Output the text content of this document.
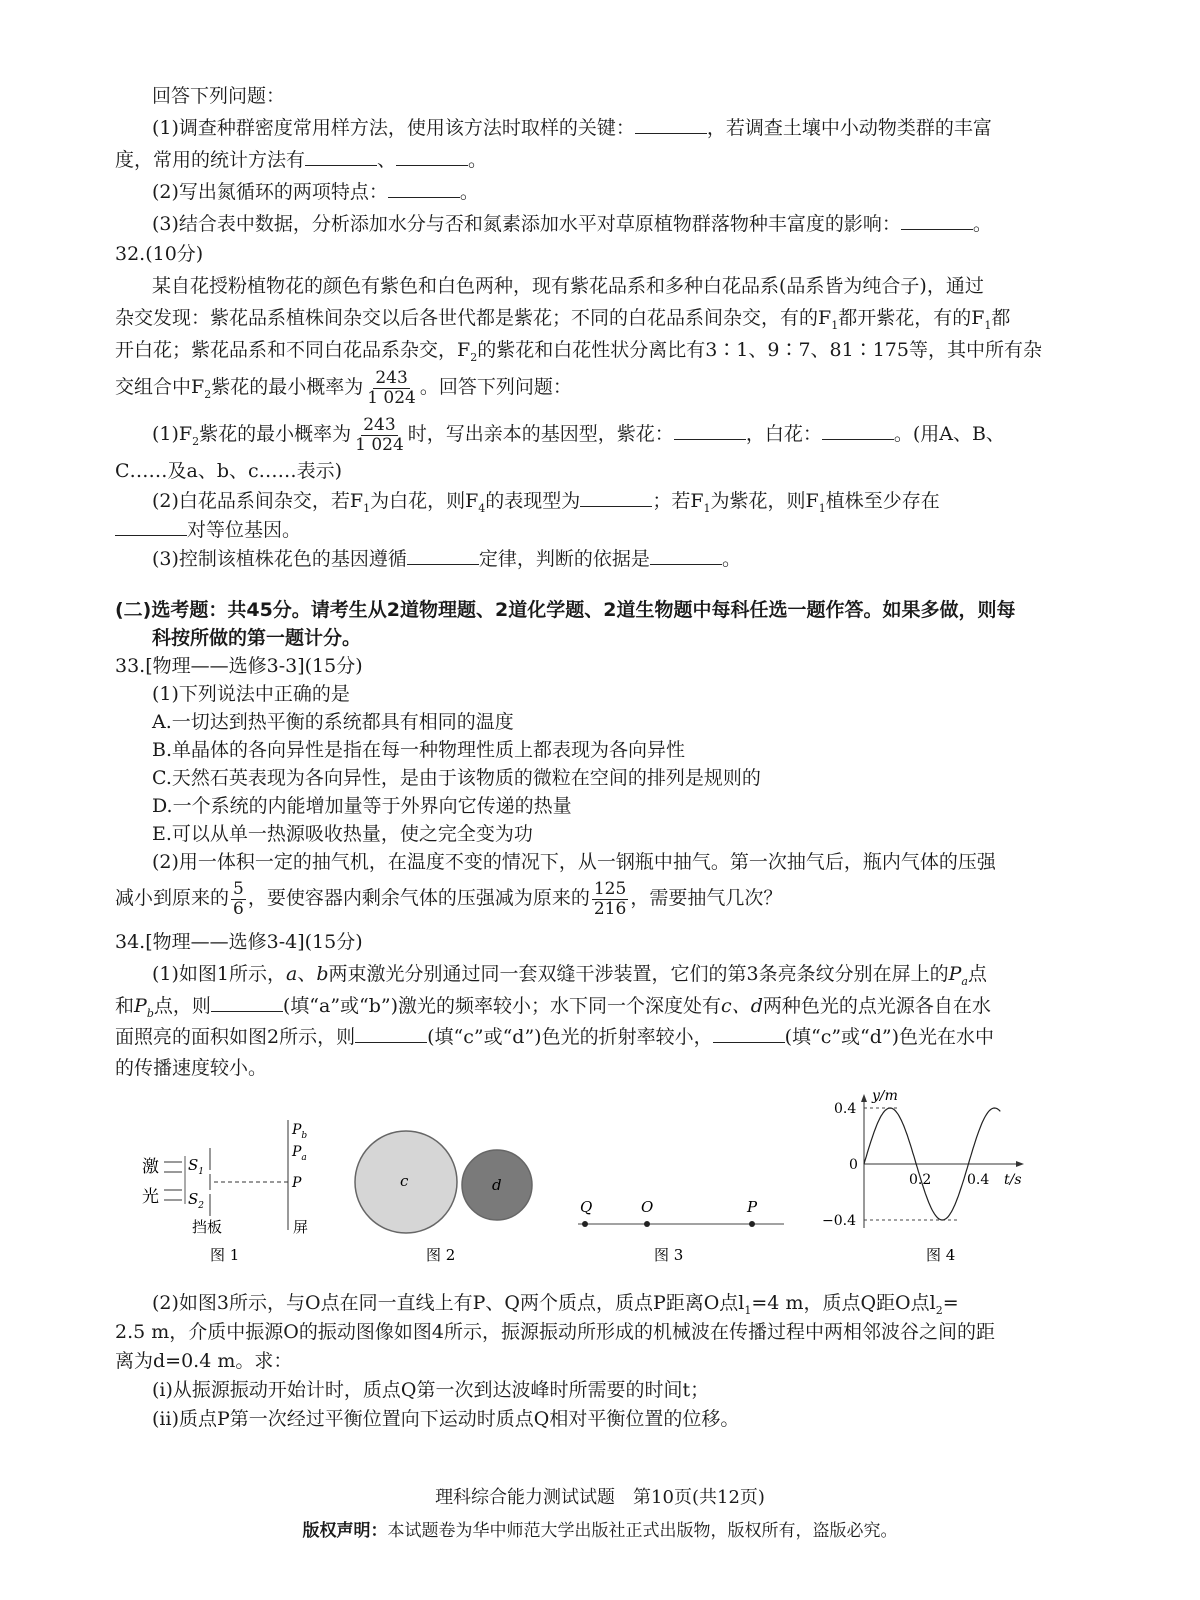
回答下列问题：
(1)调查种群密度常用样方法，使用该方法时取样的关键：	，若调查土壤中小动物类群的丰富
度，常用的统计方法有	、	。
(2)写出氮循环的两项特点：	。
(3)结合表中数据，分析添加水分与否和氮素添加水平对草原植物群落物种丰富度的影响：	。
32.(10分)
某自花授粉植物花的颜色有紫色和白色两种，现有紫花品系和多种白花品系(品系皆为纯合子)，通过
杂交发现：紫花品系植株间杂交以后各世代都是紫花；不同的白花品系间杂交，有的$F_1$都开紫花，有的$F_1$都
开白花；紫花品系和不同白花品系杂交，$F_2$的紫花和白花性状分离比有3∶1、9∶7、81∶175等，其中所有杂
交组合中$F_2$紫花的最小概率为 $\frac{243}{1 024}$ 。回答下列问题：
$(1)F_2$紫花的最小概率为 $\frac{243}{1 024}$ 时，写出亲本的基因型，紫花：	，白花：	。(用A、B、
C……及a、b、c……表示)
(2)白花品系间杂交，若$F_1$为白花，则$F_4$的表现型为	；若$F_1$为紫花，则$F_1$植株至少存在
对等位基因。
(3)控制该植株花色的基因遵循	定律，判断的依据是	。
(二)选考题：共45分。请考生从2道物理题、2道化学题、2道生物题中每科任选一题作答。如果多做，则每
科按所做的第一题计分。
33.[物理——选修3-3](15分)
(1)下列说法中正确的是
A.一切达到热平衡的系统都具有相同的温度
B.单晶体的各向异性是指在每一种物理性质上都表现为各向异性
C.天然石英表现为各向异性，是由于该物质的微粒在空间的排列是规则的
D.一个系统的内能增加量等于外界向它传递的热量
E.可以从单一热源吸收热量，使之完全变为功
(2)用一体积一定的抽气机，在温度不变的情况下，从一钢瓶中抽气。第一次抽气后，瓶内气体的压强
减小到原来的 $\frac{5}{6}$ ，要使容器内剩余气体的压强减为原来的 $\frac{125}{216}$ ，需要抽气几次？
34.[物理——选修3-4](15分)
(1)如图1所示，a、b两束激光分别通过同一套双缝干涉装置，它们的第3条亮条纹分别在屏上的$P_a$点
和$P_b$点，则	(填“a”或“b”)激光的频率较小；水下同一个深度处有c、d两种色光的点光源各自在水
面照亮的面积如图2所示，则	(填“c”或“d”)色光的折射率较小，	(填“c”或“d”)色光在水中
的传播速度较小。
激
光
$S_1$
$S_2$
挡板	屏
$P_b$
$P_a$
P
图 1
c	d
图 2
Q	O	P
图 3
y/m
0.4
0
−0.4
0.2	0.4 t/s
图 4
(2)如图3所示，与O点在同一直线上有P、Q两个质点，质点P距离O点$l_1=4$ m，质点Q距O点$l_2=$
2.5 m，介质中振源O的振动图像如图4所示，振源振动所形成的机械波在传播过程中两相邻波谷之间的距
离为d=0.4 m。求：
(ⅰ)从振源振动开始计时，质点Q第一次到达波峰时所需要的时间t；
(ⅱ)质点P第一次经过平衡位置向下运动时质点Q相对平衡位置的位移。
理科综合能力测试试题　第10页(共12页)
版权声明：本试题卷为华中师范大学出版社正式出版物，版权所有，盗版必究。
